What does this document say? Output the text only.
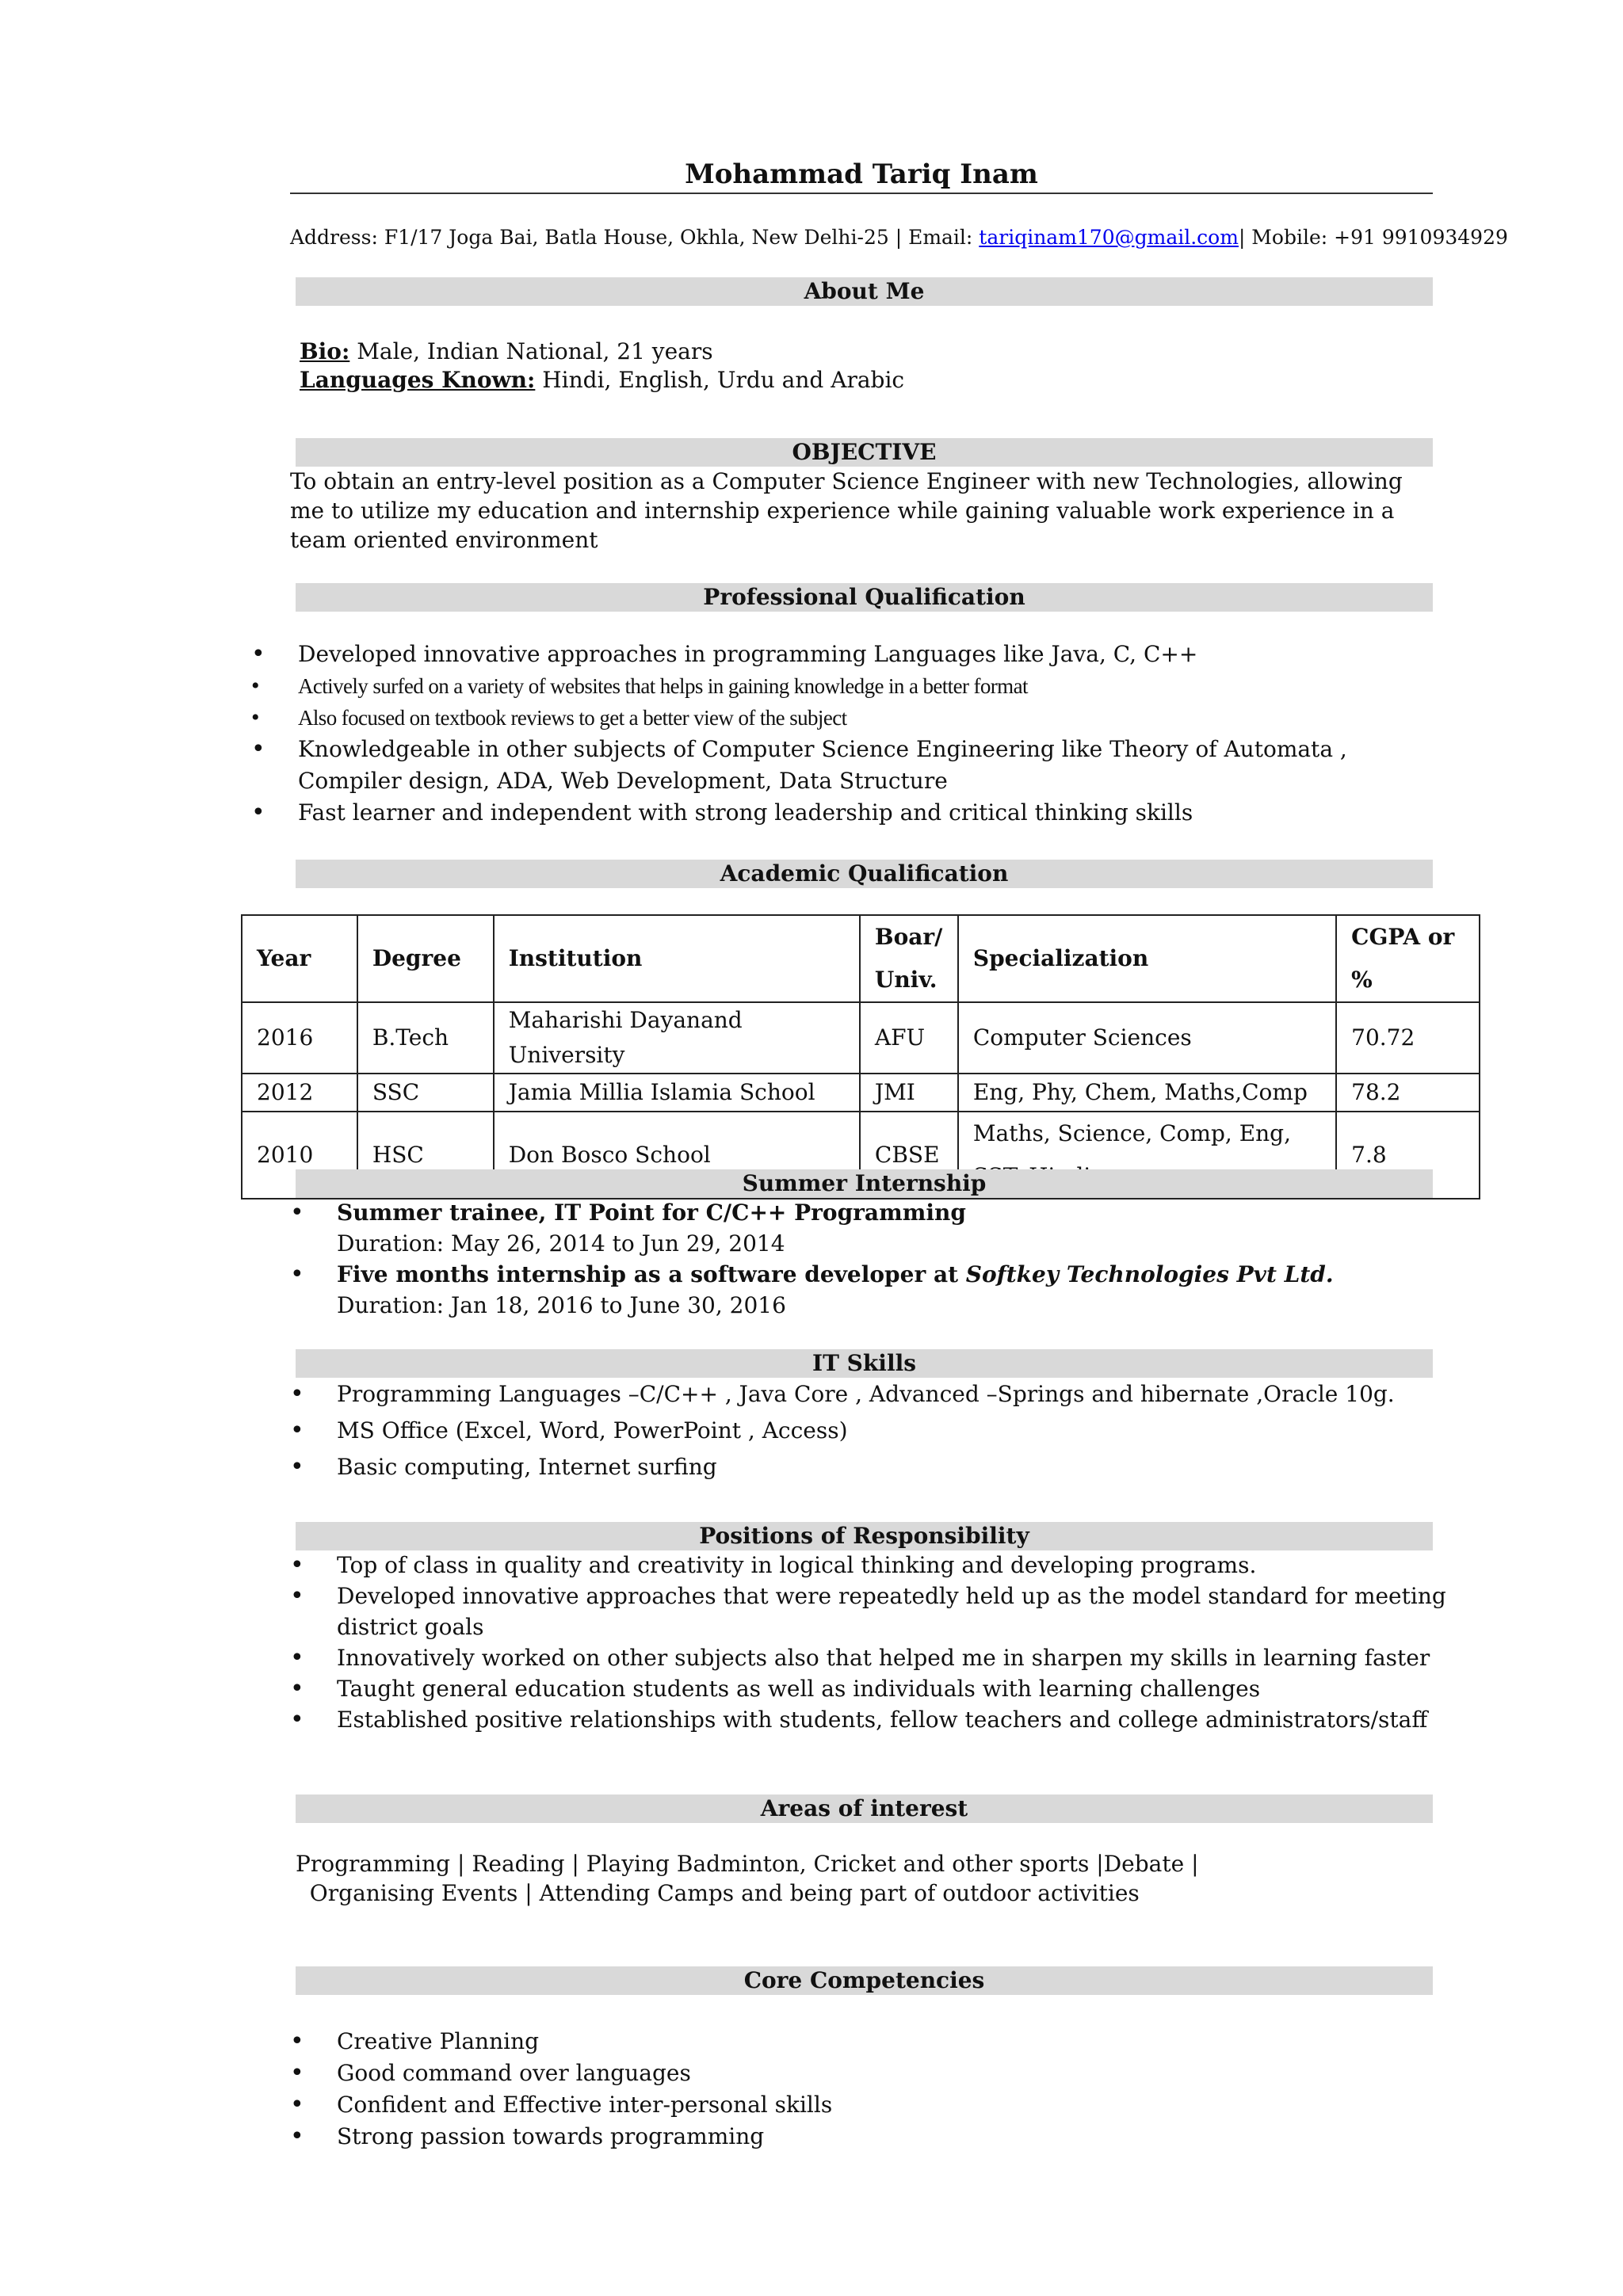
Mohammad Tariq Inam
Address: F1/17 Joga Bai, Batla House, Okhla, New Delhi-25 | Email: tariqinam170@gmail.com| Mobile: +91 9910934929
About Me
Bio: Male, Indian National, 21 years
Languages Known: Hindi, English, Urdu and Arabic
OBJECTIVE
To obtain an entry-level position as a Computer Science Engineer with new Technologies, allowing me to utilize my education and internship experience while gaining valuable work experience in a team oriented environment
Professional Qualification
• Developed innovative approaches in programming Languages like Java, C, C++
• Actively surfed on a variety of websites that helps in gaining knowledge in a better format
• Also focused on textbook reviews to get a better view of the subject
• Knowledgeable in other subjects of Computer Science Engineering like Theory of Automata , Compiler design, ADA, Web Development, Data Structure
• Fast learner and independent with strong leadership and critical thinking skills
Academic Qualification
Year	Degree	Institution	Boar/ Univ.	Specialization	CGPA or %
2016	B.Tech	Maharishi Dayanand University	AFU	Computer Sciences	70.72
2012	SSC	Jamia Millia Islamia School	JMI	Eng, Phy, Chem, Maths,Comp	78.2
2010	HSC	Don Bosco School	CBSE	Maths, Science, Comp, Eng,	7.8
Summer Internship
• Summer trainee, IT Point for C/C++ Programming
Duration: May 26, 2014 to Jun 29, 2014
• Five months internship as a software developer at Softkey Technologies Pvt Ltd.
Duration: Jan 18, 2016 to June 30, 2016
IT Skills
• Programming Languages –C/C++ , Java Core , Advanced –Springs and hibernate ,Oracle 10g.
• MS Office (Excel, Word, PowerPoint , Access)
• Basic computing, Internet surfing
Positions of Responsibility
• Top of class in quality and creativity in logical thinking and developing programs.
• Developed innovative approaches that were repeatedly held up as the model standard for meeting district goals
• Innovatively worked on other subjects also that helped me in sharpen my skills in learning faster
• Taught general education students as well as individuals with learning challenges
• Established positive relationships with students, fellow teachers and college administrators/staff
Areas of interest
Programming | Reading | Playing Badminton, Cricket and other sports |Debate |
Organising Events | Attending Camps and being part of outdoor activities
Core Competencies
• Creative Planning
• Good command over languages
• Confident and Effective inter-personal skills
• Strong passion towards programming
